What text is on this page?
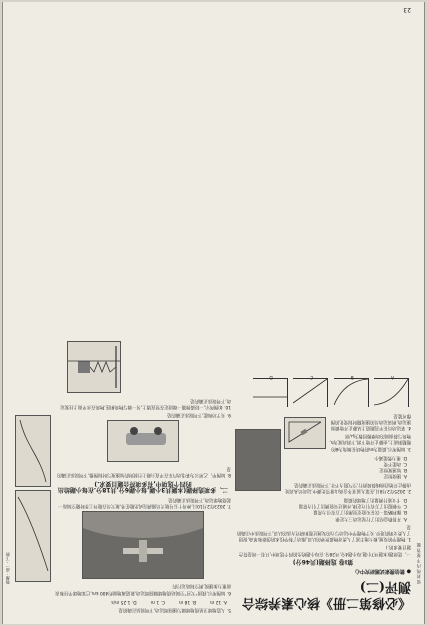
密 封 线 内 不 要 答 题
《必修第二册》核心素养综合测评(二)
● 微信搜索试题研究中心
第Ⅰ卷 选择题(共46分)

一、选择题(本题共7小题,每小题4分,共28分.在每小题给出的四个选项中,只有一项是符合题目要求的.)

1. 物理学的发展,极大地丰富了人类对物质世界的认识,推动了科学技术的创新和革命,促进了人类文明的进步.关于物理学中运动与力的发展过程和研究方法的认识,下列说法中正确的是

A. 开普勒总结出了行星运动三大定律
B. 伽利略第一次在实验室里测出了万有引力常量
C. 牛顿提出了万有引力定律,并通过实验测出了引力常量
D. 卡文迪什测量出了地球的质量

2. 2025年2月8日,在第九届亚冬会高山滑雪比赛中,运动员从高处由静止开始沿曲线斜坡滑行,空气阻力不计,下列说法正确的是

A. 速度恒定
B. 加速度恒定
C. 动能不变
D. 重力势能减小

3. 如图所示,质量为m的物块在倾角为θ的粗糙斜面上,由静止开始下滑,下滑高度为h,物块与斜面间的动摩擦因数为μ,则

4. 某运动员在平直跑道上从静止开始做加速运动,则该运动员的速度随时间变化的图像可能是

A

B

C

D

5. 人造地球卫星绕地球做匀速圆周运动,下列说法正确的是

A. 12 m
B. 18 m
C. 1 m
D. 1.25 m/s

6. 如图所示,我国“天宫”空间站绕地球做圆周运动,轨道离地面约400 km,已知地球半径和表面重力加速度,则空间站运行的

7. 2023年2月10日,神舟十五号航天员圆满完成出舱任务,航天员在舱外工作时随空间站一起绕地球运动,下列说法正确的是

二、多项选择题(本题共3小题,每小题6分,共18分.在每小题给出的四个选项中,有多项符合题目要求.)

8. 如图甲、乙所示为某电动汽车在平直公路上行驶时的加速度与时间图像,下列说法正确的是

9. 关于功和能,下列说法正确的是

10. 如图所示,一轻质弹簧一端固定在竖直墙上,另一端与物块相连,物块在水平面上往复运动,下列说法正确的是

物理 · 高一 · 下册
23
